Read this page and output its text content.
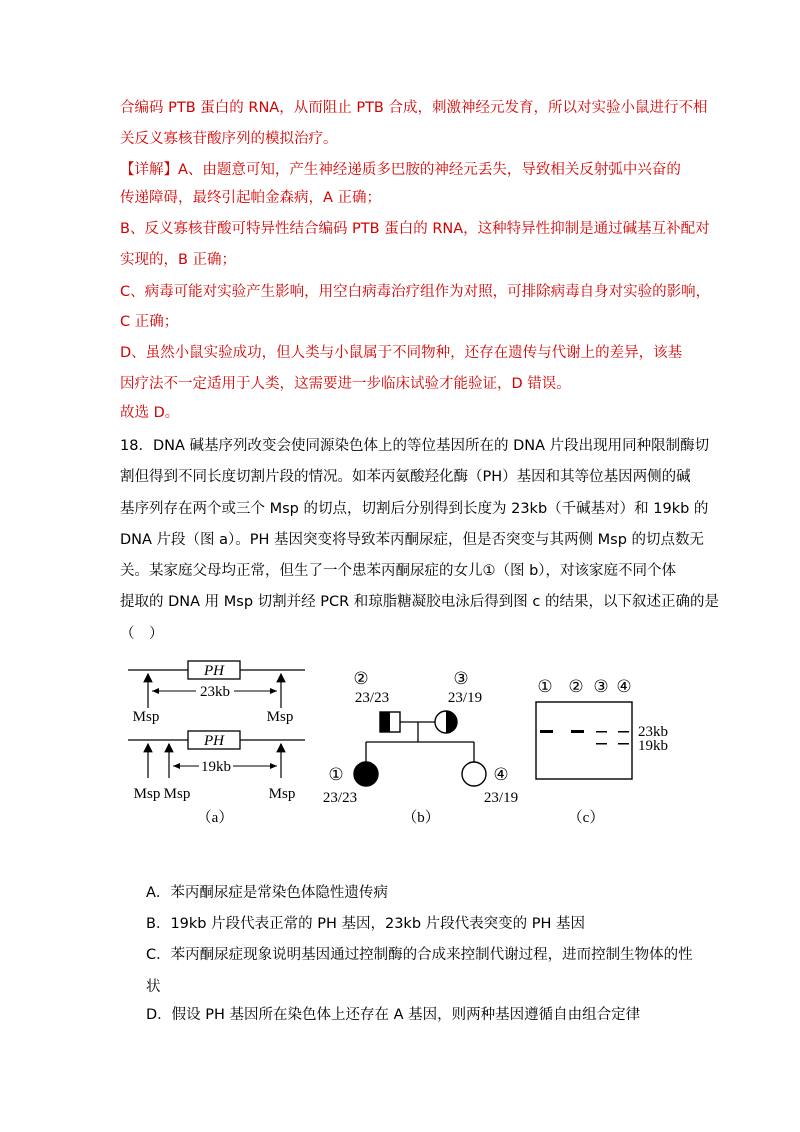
合编码 PTB 蛋白的 RNA，从而阻止 PTB 合成，刺激神经元发育，所以对实验小鼠进行不相
关反义寡核苷酸序列的模拟治疗。
【详解】A、由题意可知，产生神经递质多巴胺的神经元丢失，导致相关反射弧中兴奋的
传递障碍，最终引起帕金森病，A 正确；
B、反义寡核苷酸可特异性结合编码 PTB 蛋白的 RNA，这种特异性抑制是通过碱基互补配对
实现的，B 正确；
C、病毒可能对实验产生影响，用空白病毒治疗组作为对照，可排除病毒自身对实验的影响，
C 正确；
D、虽然小鼠实验成功，但人类与小鼠属于不同物种，还存在遗传与代谢上的差异，该基
因疗法不一定适用于人类，这需要进一步临床试验才能验证，D 错误。
故选 D。
18．DNA 碱基序列改变会使同源染色体上的等位基因所在的 DNA 片段出现用同种限制酶切
割但得到不同长度切割片段的情况。如苯丙氨酸羟化酶（PH）基因和其等位基因两侧的碱
基序列存在两个或三个 Msp 的切点，切割后分别得到长度为 23kb（千碱基对）和 19kb 的
DNA 片段（图 a）。PH 基因突变将导致苯丙酮尿症，但是否突变与其两侧 Msp 的切点数无
关。某家庭父母均正常，但生了一个患苯丙酮尿症的女儿①（图 b），对该家庭不同个体
提取的 DNA 用 Msp 切割并经 PCR 和琼脂糖凝胶电泳后得到图 c 的结果，以下叙述正确的是
（　）
PH
23kb
Msp	Msp
PH
19kb
Msp Msp	Msp
（a）
②
23/23
③
23/19
①
23/23
④
23/19
（b）
① ② ③ ④
23kb
19kb
（c）
A．苯丙酮尿症是常染色体隐性遗传病
B．19kb 片段代表正常的 PH 基因，23kb 片段代表突变的 PH 基因
C．苯丙酮尿症现象说明基因通过控制酶的合成来控制代谢过程，进而控制生物体的性
状
D．假设 PH 基因所在染色体上还存在 A 基因，则两种基因遵循自由组合定律
